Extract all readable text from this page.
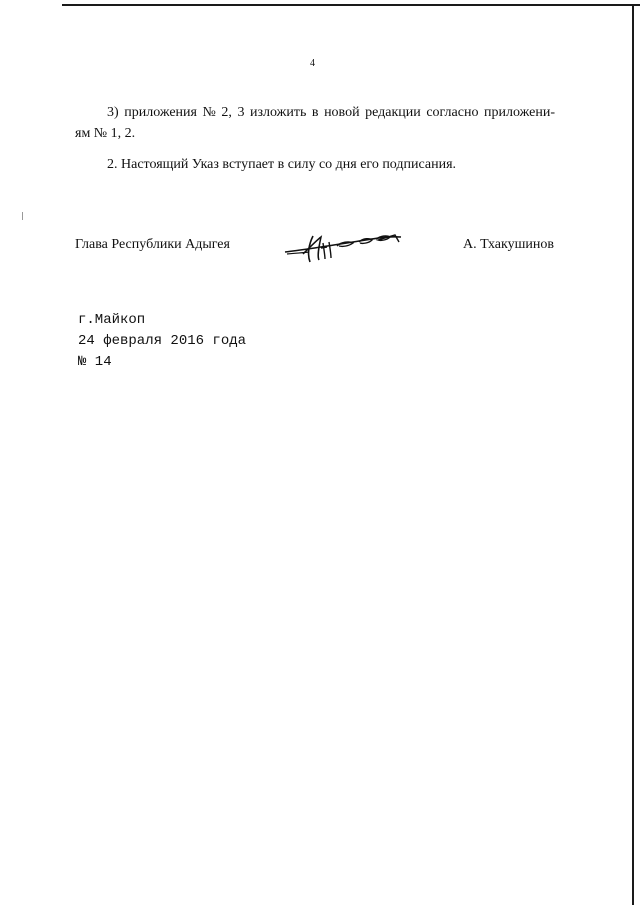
4
3) приложения № 2, 3 изложить в новой редакции согласно приложени-
ям № 1, 2.
2. Настоящий Указ вступает в силу со дня его подписания.
Глава Республики Адыгея	А. Тхакушинов
г.Майкоп
24 февраля 2016 года
№ 14
